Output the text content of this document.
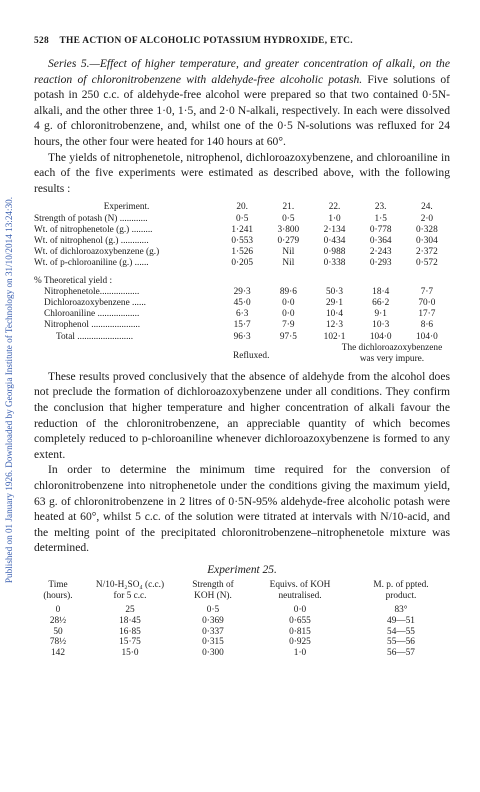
Published on 01 January 1926. Downloaded by Georgia Institute of Technology on 31/10/2014 13:24:30.
528 THE ACTION OF ALCOHOLIC POTASSIUM HYDROXIDE, ETC.

Series 5.—Effect of higher temperature, and greater concentration of alkali, on the reaction of chloronitrobenzene with aldehyde-free alcoholic potash. Five solutions of potash in 250 c.c. of aldehyde-free alcohol were prepared so that two contained 0·5N-alkali, and the other three 1·0, 1·5, and 2·0 N-alkali, respectively. In each were dissolved 4 g. of chloronitrobenzene, and, whilst one of the 0·5 N-solutions was refluxed for 24 hours, the other four were heated for 140 hours at 60°.

The yields of nitrophenetole, nitrophenol, dichloroazoxybenzene, and chloroaniline in each of the five experiments were estimated as described above, with the following results :

Experiment.	20.	21.	22.	23.	24.
Strength of potash (N) ............	0·5	0·5	1·0	1·5	2·0
Wt. of nitrophenetole (g.) .........	1·241	3·800	2·134	0·778	0·328
Wt. of nitrophenol (g.) ............	0·553	0·279	0·434	0·364	0·304
Wt. of dichloroazoxybenzene (g.)	1·526	Nil	0·988	2·243	2·372
Wt. of p-chloroaniline (g.) ......	0·205	Nil	0·338	0·293	0·572

% Theoretical yield :					
Nitrophenetole.................	29·3	89·6	50·3	18·4	7·7
Dichloroazoxybenzene ......	45·0	0·0	29·1	66·2	70·0
Chloroaniline ..................	6·3	0·0	10·4	9·1	17·7
Nitrophenol .....................	15·7	7·9	12·3	10·3	8·6
Total ........................	96·3	97·5	102·1	104·0	104·0
Refluxed.
The dichloroazoxybenzene
was very impure.

These results proved conclusively that the absence of aldehyde from the alcohol does not preclude the formation of dichloroazoxybenzene under all conditions. They confirm the conclusion that higher temperature and higher concentration of alkali favour the reduction of the chloronitrobenzene, an appreciable quantity of which becomes completely reduced to p-chloroaniline whenever dichloroazoxybenzene is formed to any extent.

In order to determine the minimum time required for the conversion of chloronitrobenzene into nitrophenetole under the conditions giving the maximum yield, 63 g. of chloronitrobenzene in 2 litres of 0·5N-95% aldehyde-free alcoholic potash were heated at 60°, whilst 5 c.c. of the solution were titrated at intervals with N/10-acid, and the melting point of the precipitated chloronitrobenzene–nitrophenetole mixture was determined.

Experiment 25.
Time	N/10-H₂SO₄ (c.c.)	Strength of	Equivs. of KOH	M. p. of ppted.
(hours).	for 5 c.c.	KOH (N).	neutralised.	product.
0	25	0·5	0·0	83°
28½	18·45	0·369	0·655	49—51
50	16·85	0·337	0·815	54—55
78½	15·75	0·315	0·925	55—56
142	15·0	0·300	1·0	56—57
